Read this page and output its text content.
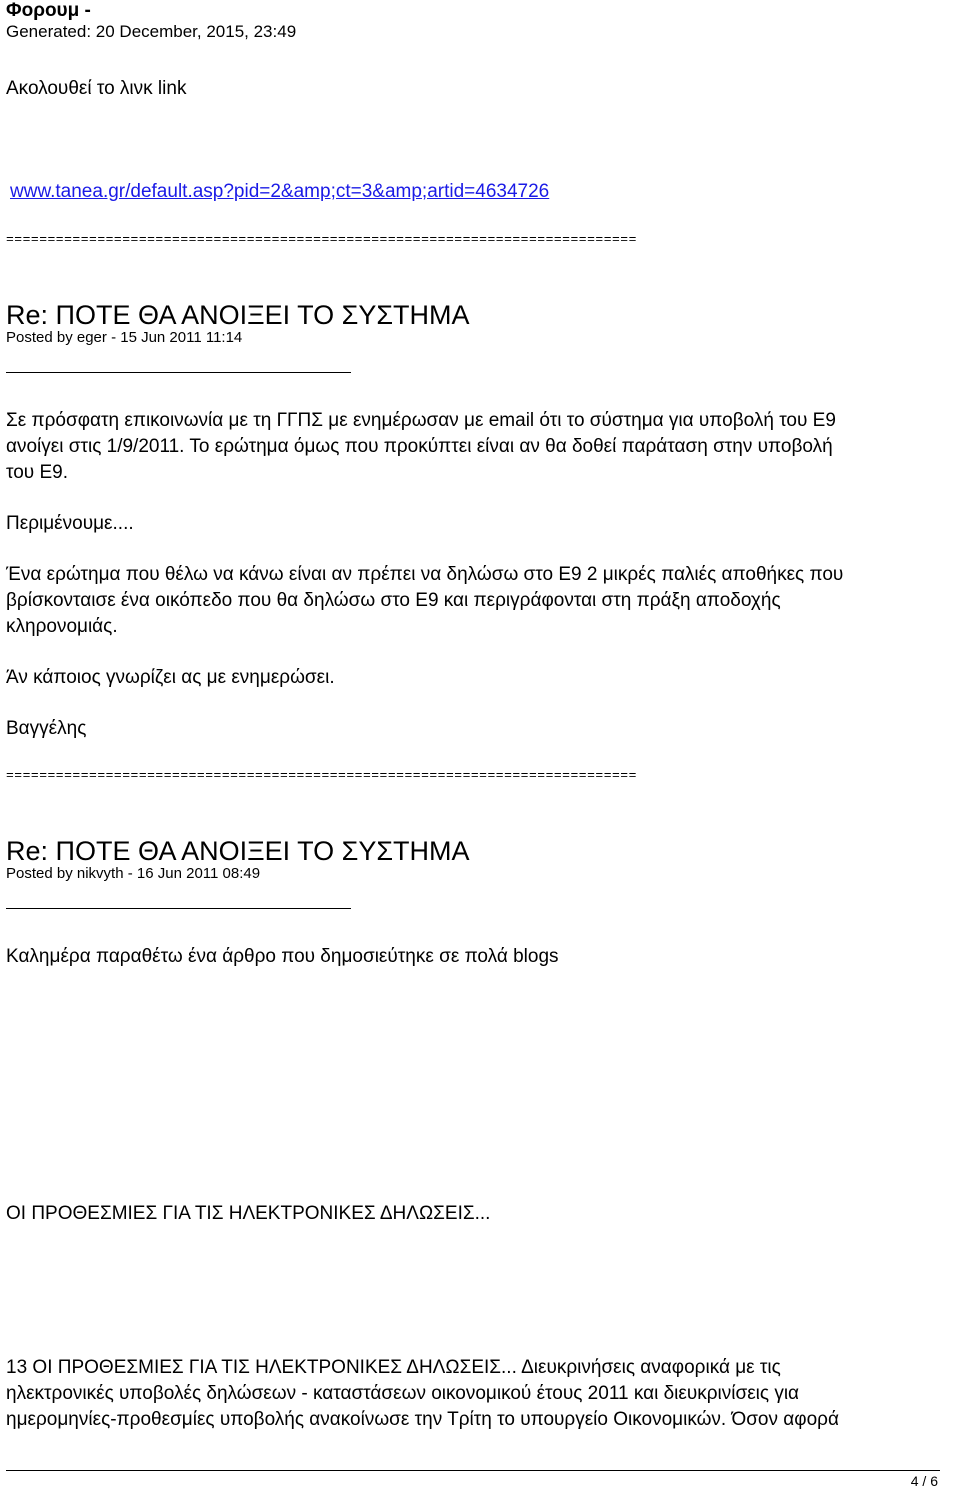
Φορουμ -
Generated: 20 December, 2015, 23:49
Ακολουθεί το λινκ link
www.tanea.gr/default.asp?pid=2&amp;ct=3&amp;artid=4634726
============================================================================
Re: ΠΟΤΕ ΘΑ ΑΝΟΙΞΕΙ ΤΟ ΣΥΣΤΗΜΑ
Posted by eger - 15 Jun 2011 11:14
Σε πρόσφατη επικοινωνία με τη ΓΓΠΣ με ενημέρωσαν με email ότι το σύστημα για υποβολή του Ε9
ανοίγει στις 1/9/2011. Το ερώτημα όμως που προκύπτει είναι αν θα δοθεί παράταση στην υποβολή
του Ε9.
Περιμένουμε....
Ένα ερώτημα που θέλω να κάνω είναι αν πρέπει να δηλώσω στο Ε9 2 μικρές παλιές αποθήκες που
βρίσκονταισε ένα οικόπεδο που θα δηλώσω στο Ε9 και περιγράφονται στη πράξη αποδοχής
κληρονομιάς.
Άν κάποιος γνωρίζει ας με ενημερώσει.
Βαγγέλης
============================================================================
Re: ΠΟΤΕ ΘΑ ΑΝΟΙΞΕΙ ΤΟ ΣΥΣΤΗΜΑ
Posted by nikvyth - 16 Jun 2011 08:49
Καλημέρα παραθέτω ένα άρθρο που δημοσιεύτηκε σε πολά blogs
ΟΙ ΠΡΟΘΕΣΜΙΕΣ ΓΙΑ ΤΙΣ ΗΛΕΚΤΡΟΝΙΚΕΣ ΔΗΛΩΣΕΙΣ...
13 ΟΙ ΠΡΟΘΕΣΜΙΕΣ ΓΙΑ ΤΙΣ ΗΛΕΚΤΡΟΝΙΚΕΣ ΔΗΛΩΣΕΙΣ... Διευκρινήσεις αναφορικά με τις
ηλεκτρονικές υποβολές δηλώσεων - καταστάσεων οικονομικού έτους 2011 και διευκρινίσεις για
ημερομηνίες-προθεσμίες υποβολής ανακοίνωσε την Τρίτη το υπουργείο Οικονομικών. Όσον αφορά
4 / 6
